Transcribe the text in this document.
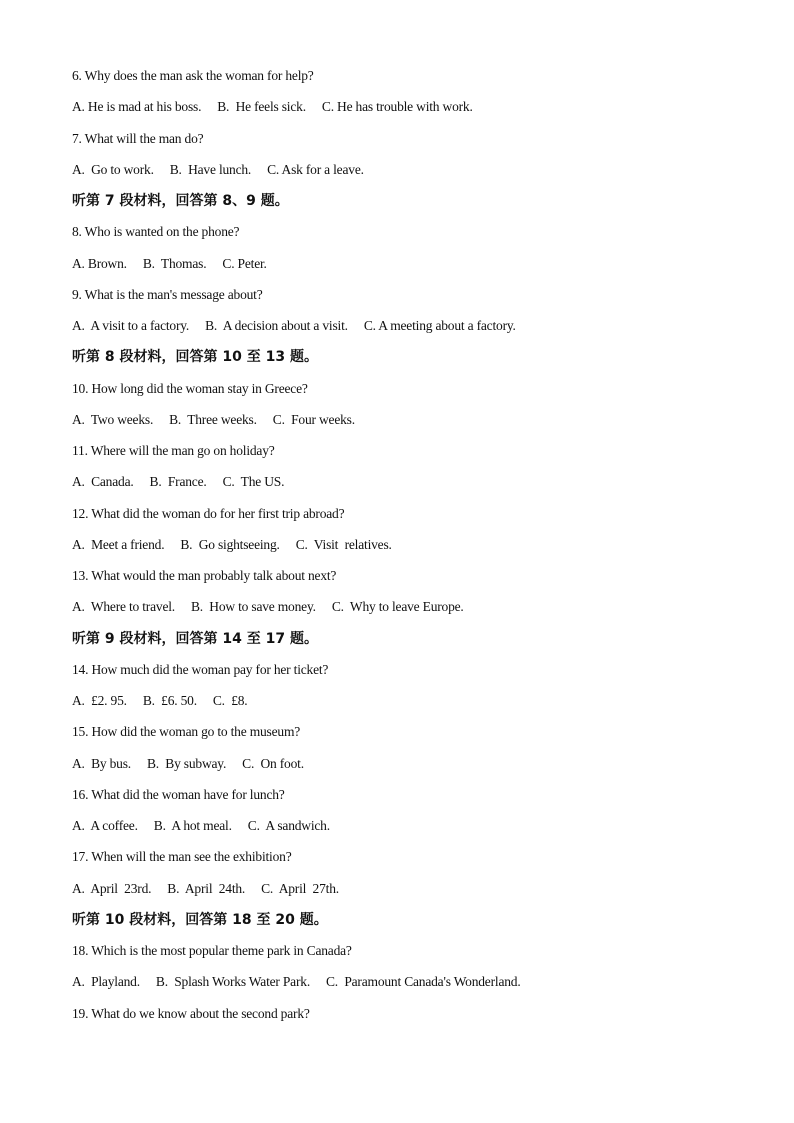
6. Why does the man ask the woman for help?
A. He is mad at his boss. B.  He feels sick. C. He has trouble with work.
7. What will the man do?
A.  Go to work. B.  Have lunch. C. Ask for a leave.
听第 7 段材料，回答第 8、9 题。
8. Who is wanted on the phone?
A. Brown. B.  Thomas. C. Peter.
9. What is the man's message about?
A.  A visit to a factory. B.  A decision about a visit. C. A meeting about a factory.
听第 8 段材料，回答第 10 至 13 题。
10. How long did the woman stay in Greece?
A.  Two weeks. B.  Three weeks. C.  Four weeks.
11. Where will the man go on holiday?
A.  Canada. B.  France. C.  The US.
12. What did the woman do for her first trip abroad?
A.  Meet a friend. B.  Go sightseeing. C.  Visit  relatives.
13. What would the man probably talk about next?
A.  Where to travel. B.  How to save money. C.  Why to leave Europe.
听第 9 段材料，回答第 14 至 17 题。
14. How much did the woman pay for her ticket?
A.  £2. 95. B.  £6. 50. C.  £8.
15. How did the woman go to the museum?
A.  By bus. B.  By subway. C.  On foot.
16. What did the woman have for lunch?
A.  A coffee. B.  A hot meal. C.  A sandwich.
17. When will the man see the exhibition?
A.  April  23rd. B.  April  24th. C.  April  27th.
听第 10 段材料，回答第 18 至 20 题。
18. Which is the most popular theme park in Canada?
A.  Playland. B.  Splash Works Water Park. C.  Paramount Canada's Wonderland.
19. What do we know about the second park?
